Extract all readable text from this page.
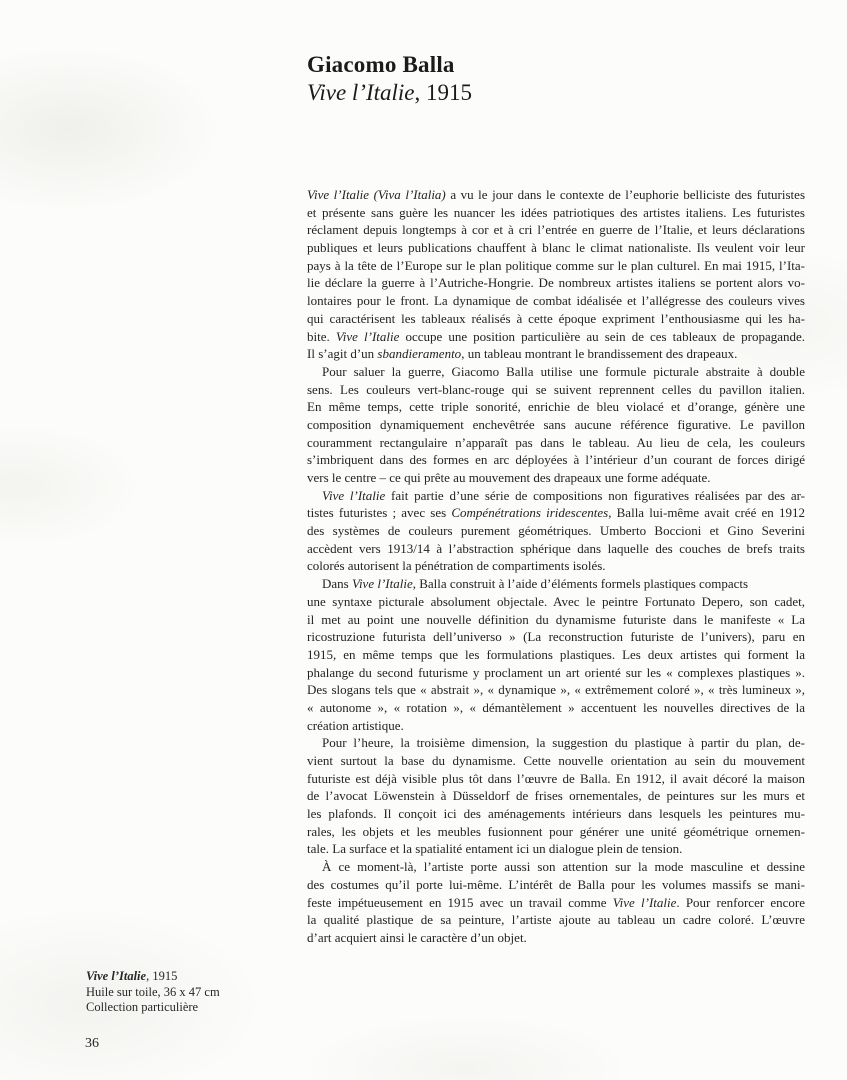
Giacomo Balla
Vive l’Italie, 1915
Vive l’Italie (Viva l’Italia) a vu le jour dans le contexte de l’euphorie belliciste des futuristes
et présente sans guère les nuancer les idées patriotiques des artistes italiens. Les futuristes
réclament depuis longtemps à cor et à cri l’entrée en guerre de l’Italie, et leurs déclarations
publiques et leurs publications chauffent à blanc le climat nationaliste. Ils veulent voir leur
pays à la tête de l’Europe sur le plan politique comme sur le plan culturel. En mai 1915, l’Ita-
lie déclare la guerre à l’Autriche-Hongrie. De nombreux artistes italiens se portent alors vo-
lontaires pour le front. La dynamique de combat idéalisée et l’allégresse des couleurs vives
qui caractérisent les tableaux réalisés à cette époque expriment l’enthousiasme qui les ha-
bite. Vive l’Italie occupe une position particulière au sein de ces tableaux de propagande.
Il s’agit d’un sbandieramento, un tableau montrant le brandissement des drapeaux.
Pour saluer la guerre, Giacomo Balla utilise une formule picturale abstraite à double
sens. Les couleurs vert-blanc-rouge qui se suivent reprennent celles du pavillon italien.
En même temps, cette triple sonorité, enrichie de bleu violacé et d’orange, génère une
composition dynamiquement enchevêtrée sans aucune référence figurative. Le pavillon
couramment rectangulaire n’apparaît pas dans le tableau. Au lieu de cela, les couleurs
s’imbriquent dans des formes en arc déployées à l’intérieur d’un courant de forces dirigé
vers le centre – ce qui prête au mouvement des drapeaux une forme adéquate.
Vive l’Italie fait partie d’une série de compositions non figuratives réalisées par des ar-
tistes futuristes ; avec ses Compénétrations iridescentes, Balla lui-même avait créé en 1912
des systèmes de couleurs purement géométriques. Umberto Boccioni et Gino Severini
accèdent vers 1913/14 à l’abstraction sphérique dans laquelle des couches de brefs traits
colorés autorisent la pénétration de compartiments isolés.
Dans Vive l’Italie, Balla construit à l’aide d’éléments formels plastiques compacts
une syntaxe picturale absolument objectale. Avec le peintre Fortunato Depero, son cadet,
il met au point une nouvelle définition du dynamisme futuriste dans le manifeste « La
ricostruzione futurista dell’universo » (La reconstruction futuriste de l’univers), paru en
1915, en même temps que les formulations plastiques. Les deux artistes qui forment la
phalange du second futurisme y proclament un art orienté sur les « complexes plastiques ».
Des slogans tels que « abstrait », « dynamique », « extrêmement coloré », « très lumineux »,
« autonome », « rotation », « démantèlement » accentuent les nouvelles directives de la
création artistique.
Pour l’heure, la troisième dimension, la suggestion du plastique à partir du plan, de-
vient surtout la base du dynamisme. Cette nouvelle orientation au sein du mouvement
futuriste est déjà visible plus tôt dans l’œuvre de Balla. En 1912, il avait décoré la maison
de l’avocat Löwenstein à Düsseldorf de frises ornementales, de peintures sur les murs et
les plafonds. Il conçoit ici des aménagements intérieurs dans lesquels les peintures mu-
rales, les objets et les meubles fusionnent pour générer une unité géométrique ornemen-
tale. La surface et la spatialité entament ici un dialogue plein de tension.
À ce moment-là, l’artiste porte aussi son attention sur la mode masculine et dessine
des costumes qu’il porte lui-même. L’intérêt de Balla pour les volumes massifs se mani-
feste impétueusement en 1915 avec un travail comme Vive l’Italie. Pour renforcer encore
la qualité plastique de sa peinture, l’artiste ajoute au tableau un cadre coloré. L’œuvre
d’art acquiert ainsi le caractère d’un objet.
Vive l’Italie, 1915
Huile sur toile, 36 x 47 cm
Collection particulière
36
